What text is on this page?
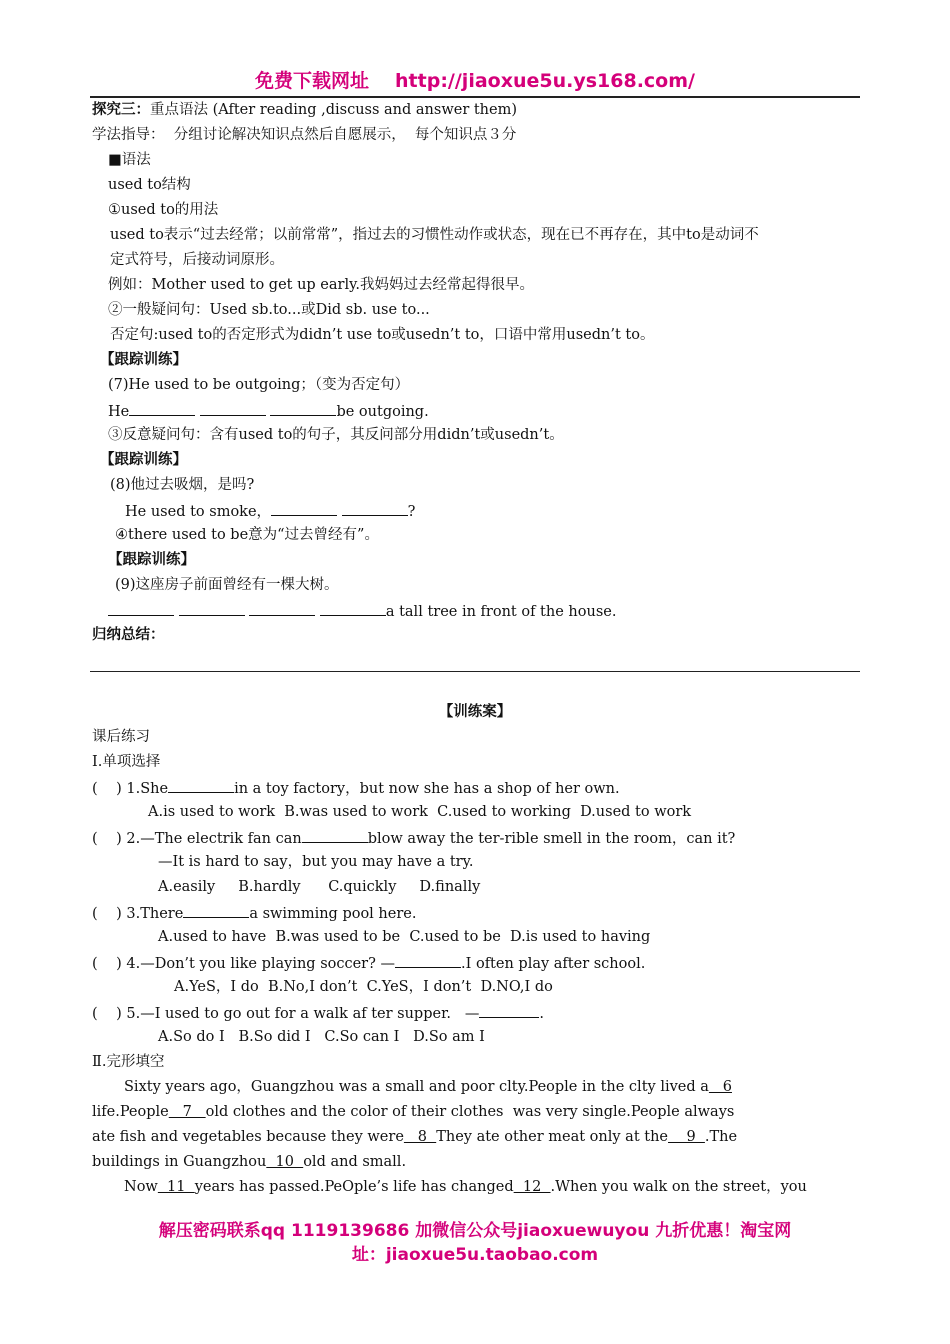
免费下载网址 http://jiaoxue5u.ys168.com/
探究三：重点语法 (After reading ,discuss and answer them)
学法指导：  分组讨论解决知识点然后自愿展示，  每个知识点３分
■语法
used to结构
①used to的用法
used to表示“过去经常；以前常常”，指过去的习惯性动作或状态，现在已不再存在，其中to是动词不
定式符号，后接动词原形。
例如：Mother used to get up early.我妈妈过去经常起得很早。
②一般疑问句：Used sb.to...或Did sb. use to...
否定句:used to的否定形式为didn’t use to或usedn’t to，口语中常用usedn’t to。
【跟踪训练】
(7)He used to be outgoing；（变为否定句）
He	be outgoing.
③反意疑问句：含有used to的句子，其反问部分用didn’t或usedn’t。
【跟踪训练】
(8)他过去吸烟，是吗?
He used to smoke，	?
④there used to be意为“过去曾经有”。
【跟踪训练】
(9)这座房子前面曾经有一棵大树。
a tall tree in front of the house.
归纳总结：
【训练案】
课后练习
Ⅰ.单项选择
(    ) 1.She	in a toy factory，but now she has a shop of her own.
A.is used to work  B.was used to work  C.used to working  D.used to work
(    ) 2.—The electrik fan can	blow away the ter-rible smell in the room，can it?
—It is hard to say，but you may have a try.
A.easily     B.hardly      C.quickly     D.finally
(    ) 3.There	a swimming pool here.
A.used to have  B.was used to be  C.used to be  D.is used to having
(    ) 4.—Don’t you like playing soccer? —	.I often play after school.
A.YeS，I do  B.No,I don’t  C.YeS，I don’t  D.NO,I do
(    ) 5.—I used to go out for a walk af ter supper.   —	.
A.So do I   B.So did I   C.So can I   D.So am I
Ⅱ.完形填空
Sixty years ago，Guangzhou was a small and poor clty.People in the clty lived a   6
life.People   7   old clothes and the color of their clothes  was very single.People always
ate fish and vegetables because they were   8  They ate other meat only at the    9  .The
buildings in Guangzhou  10  old and small.
Now  11  years has passed.PeOple’s life has changed  12  .When you walk on the street，you
解压密码联系qq 1119139686 加微信公众号jiaoxuewuyou 九折优惠！淘宝网
址：jiaoxue5u.taobao.com
